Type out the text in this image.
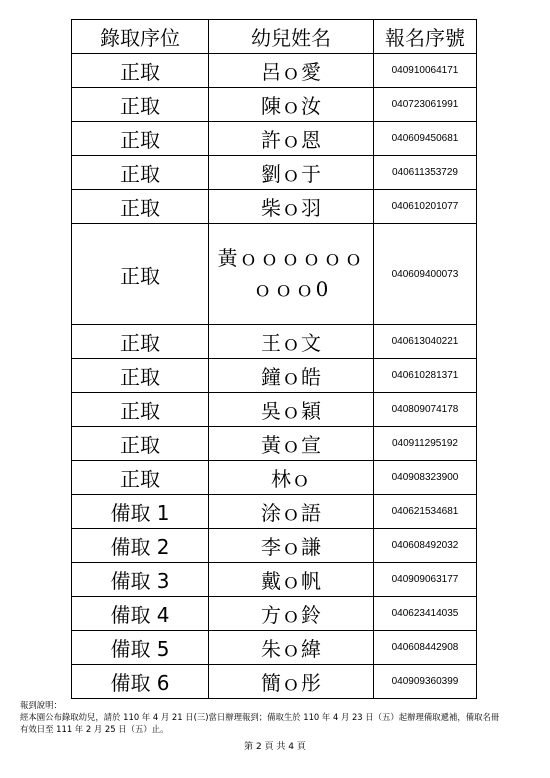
錄取序位	幼兒姓名	報名序號
正取	呂ｏ愛	040910064171
正取	陳ｏ汝	040723061991
正取	許ｏ恩	040609450681
正取	劉ｏ于	040611353729
正取	柴ｏ羽	040610201077
正取	黃ｏｏｏｏｏｏｏｏｏ0	040609400073
正取	王ｏ文	040613040221
正取	鐘ｏ皓	040610281371
正取	吳ｏ穎	040809074178
正取	黃ｏ宣	040911295192
正取	林ｏ	040908323900
備取 1	涂ｏ語	040621534681
備取 2	李ｏ謙	040608492032
備取 3	戴ｏ帆	040909063177
備取 4	方ｏ鈴	040623414035
備取 5	朱ｏ緯	040608442908
備取 6	簡ｏ彤	040909360399

報到說明：

經本園公布錄取幼兒，請於 110 年 4 月 21 日(三)當日辦理報到；備取生於 110 年 4 月 23 日（五）起辦理備取遞補，備取名冊

有效日至 111 年 2 月 25 日（五）止。

第 2 頁 共 4 頁
